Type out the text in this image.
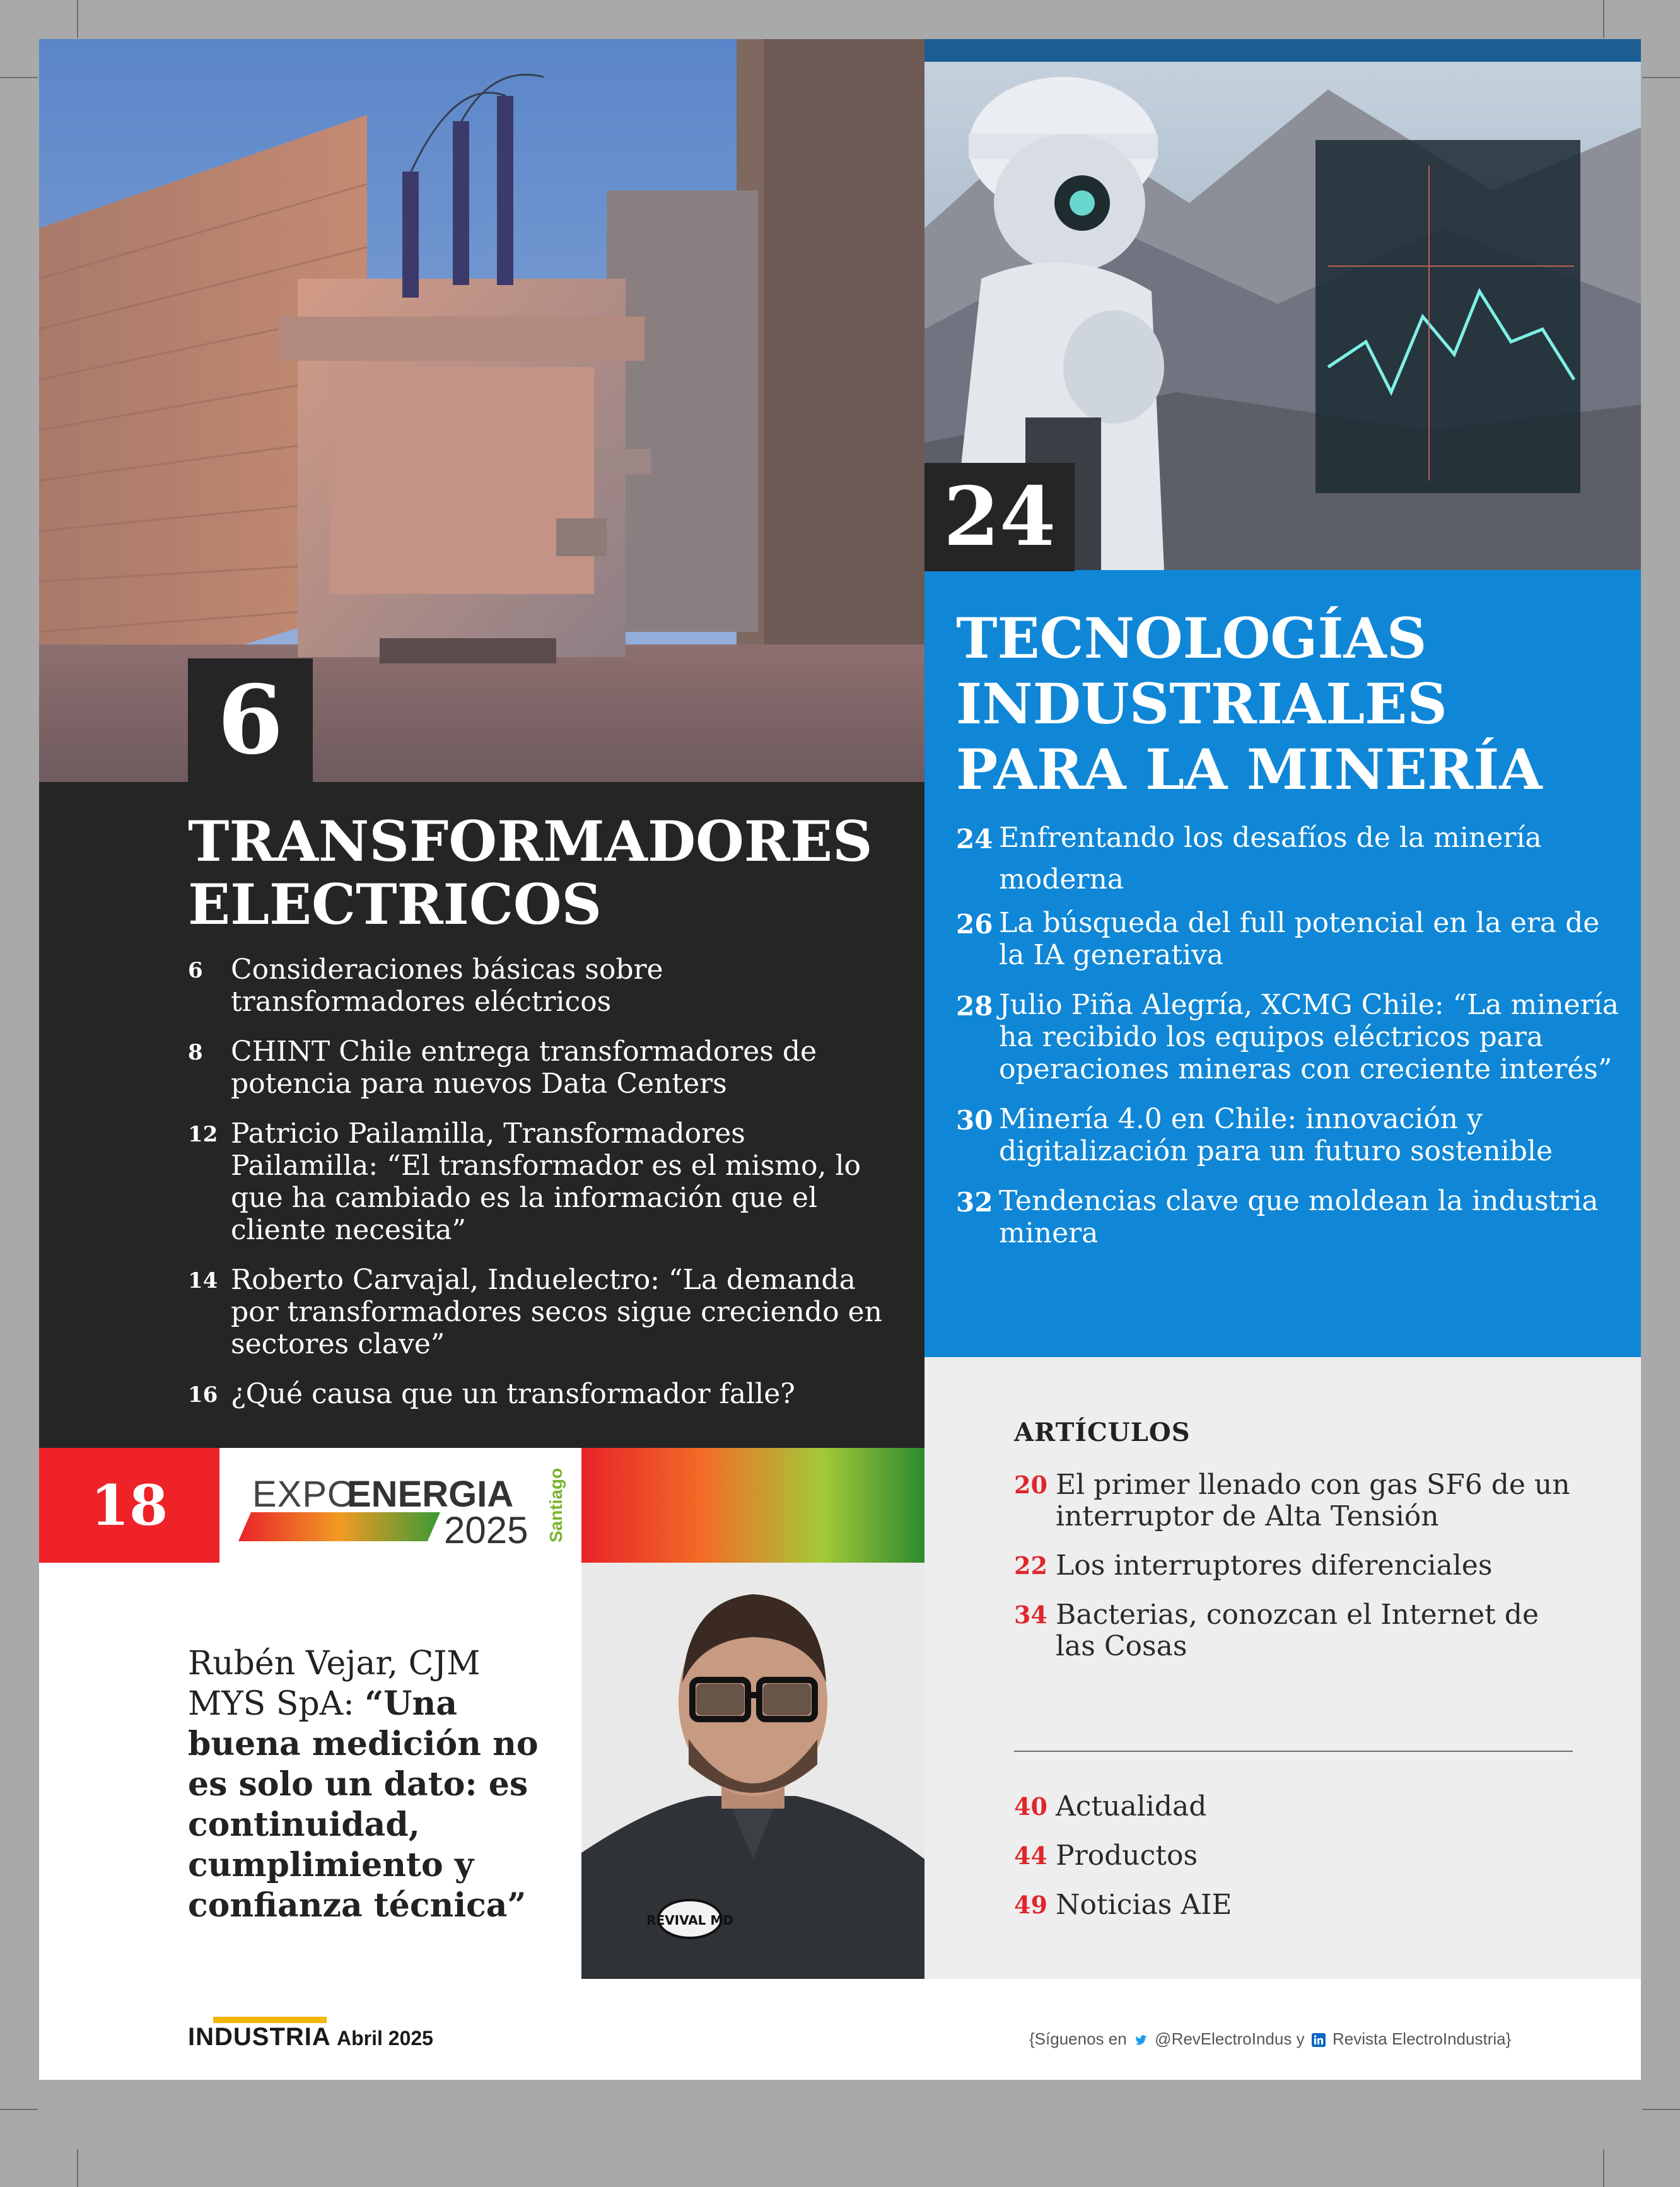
6
TRANSFORMADORES
ELECTRICOS
6 Consideraciones básicas sobre transformadores eléctricos
8 CHINT Chile entrega transformadores de potencia para nuevos Data Centers
12 Patricio Pailamilla, Transformadores Pailamilla: “El transformador es el mismo, lo que ha cambiado es la información que el cliente necesita”
14 Roberto Carvajal, Induelectro: “La demanda por transformadores secos sigue creciendo en sectores clave”
16 ¿Qué causa que un transformador falle?
24
TECNOLOGÍAS
INDUSTRIALES
PARA LA MINERÍA
24 Enfrentando los desafíos de la minería moderna
26 La búsqueda del full potencial en la era de la IA generativa
28 Julio Piña Alegría, XCMG Chile: “La minería ha recibido los equipos eléctricos para operaciones mineras con creciente interés”
30 Minería 4.0 en Chile: innovación y digitalización para un futuro sostenible
32 Tendencias clave que moldean la industria minera
18	EXPO
ENERGIA
2025 Santiago

Rubén Vejar, CJM MYS SpA: “Una buena medición no es solo un dato: es continuidad, cumplimiento y confianza técnica”	REVIVAL MD
ARTÍCULOS
20 El primer llenado con gas SF6 de un interruptor de Alta Tensión
22 Los interruptores diferenciales
34 Bacterias, conozcan el Internet de las Cosas
40 Actualidad
44 Productos
49 Noticias AIE
INDUSTRIA Abril 2025	{Síguenos en @RevElectroIndus y Revista ElectroIndustria}
